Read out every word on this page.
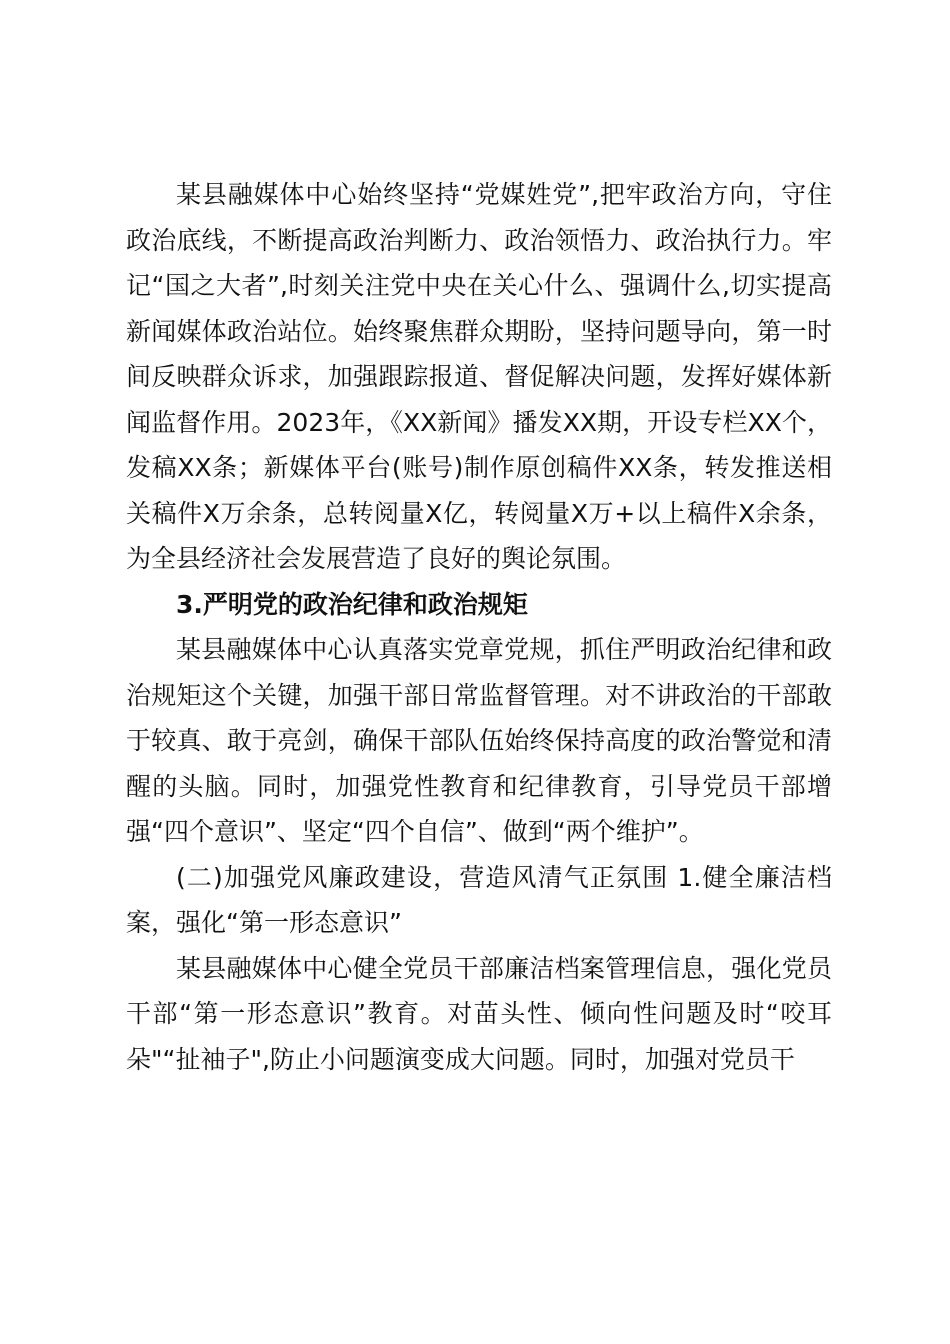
某县融媒体中心始终坚持“党媒姓党”,把牢政治方向，守住政治底线，不断提高政治判断力、政治领悟力、政治执行力。牢记“国之大者”,时刻关注党中央在关心什么、强调什么,切实提高新闻媒体政治站位。始终聚焦群众期盼，坚持问题导向，第一时间反映群众诉求，加强跟踪报道、督促解决问题，发挥好媒体新闻监督作用。2023年，《XX新闻》播发XX期，开设专栏XX个，发稿XX条；新媒体平台(账号)制作原创稿件XX条，转发推送相关稿件X万余条，总转阅量X亿，转阅量X万+以上稿件X余条，为全县经济社会发展营造了良好的舆论氛围。

3.严明党的政治纪律和政治规矩

某县融媒体中心认真落实党章党规，抓住严明政治纪律和政治规矩这个关键，加强干部日常监督管理。对不讲政治的干部敢于较真、敢于亮剑，确保干部队伍始终保持高度的政治警觉和清醒的头脑。同时，加强党性教育和纪律教育，引导党员干部增强“四个意识”、坚定“四个自信”、做到“两个维护”。

(二)加强党风廉政建设，营造风清气正氛围 1.健全廉洁档案，强化“第一形态意识”

某县融媒体中心健全党员干部廉洁档案管理信息，强化党员干部“第一形态意识”教育。对苗头性、倾向性问题及时“咬耳朵"“扯袖子",防止小问题演变成大问题。同时，加强对党员干
